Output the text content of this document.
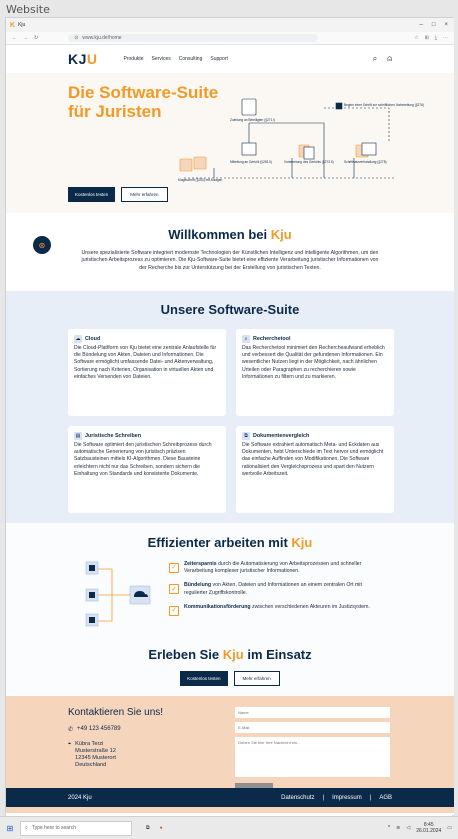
Website
K Kju	– □ ×
← → ↻	⊙ www.kju.de/home	☆ ⊞ ⤓ ⋯
KJU	Produkte Services Consulting Support	⌕ ⍝
Die Software-Suite für Juristen	Zuleitung an Beteiligten (§271 I)
Beginn einer Schrift zur schriftlichen Vorbereitung (§276)
Klageschrift (§253) mit Anlagen
Mitteilung an Gericht (§253 II)	Vorbereitung des Gerichts (§273 II)	Schriftsatzverhandlung (§278)
Kostenlos testen	Mehr erfahren
⊛
Willkommen bei Kju

Unsere spezialisierte Software integriert modernste Technologien der Künstlichen Intelligenz und intelligente Algorithmen, um den juristischen Arbeitsprozess zu optimieren. Die Kju-Software-Suite bietet eine effiziente Verarbeitung juristischer Informationen von der Recherche bis zur Unterstützung bei der Erstellung von juristischen Texten.

Unsere Software-Suite
☁ Cloud
Die Cloud-Plattform von Kju bietet eine zentrale Anlaufstelle für die Bündelung von Akten, Dateien und Informationen. Die Software ermöglicht umfassende Datei- und Aktenverwaltung, Sortierung nach Kriterien, Organisation in virtuellen Akten und einfaches Versenden von Dateien.
⌕	Recherchetool
Das Recherchetool minimiert den Rechercheaufwand erheblich und verbessert die Qualität der gefundenen Informationen. Ein wesentlicher Nutzen liegt in der Möglichkeit, nach ähnlichen Urteilen oder Paragraphen zu recherchieren sowie Informationen zu filtern und zu markieren.
▤ Juristische Schreiben
Die Software optimiert den juristischen Schreibprozess durch automatische Generierung von juristisch präzisen Satzbausteinen mittels KI-Algorithmen. Diese Bausteine erleichtern nicht nur das Schreiben, sondern sichern die Einhaltung von Standards und konsistente Dokumente.
⧉ Dokumentenvergleich
Die Software extrahiert automatisch Meta- und Eckdaten aus Dokumenten, hebt Unterschiede im Text hervor und ermöglicht das einfache Auffinden von Modifikationen. Die Software rationalisiert den Vergleichsprozess und spart den Nutzern wertvolle Arbeitszeit.
Effizienter arbeiten mit Kju
✓
Zeitersparnis durch die Automatisierung von Arbeitsprozessen und schneller Verarbeitung komplexer juristischer Informationen.
✓
Bündelung von Akten, Dateien und Informationen an einem zentralen Ort mit regulierter Zugriffskontrolle.
✓
Kommunikationsförderung zwischen verschiedenen Akteuren im Justizsystem.
Erleben Sie Kju im Einsatz
Kostenlos testen	Mehr erfahren
Kontaktieren Sie uns!
✆ +49 123 456789
⌖ Kübra Terzi
Musterstraße 12
12345 Musterort
Deutschland
Name
E-Mail
Geben Sie hier Ihre Nachricht ein...
2024 Kju	Datenschutz | Impressum | AGB
⊞	⌕ Type here to search	⧉ ●	^ ≋ ◁	8:45
26.01.2024 ▭
